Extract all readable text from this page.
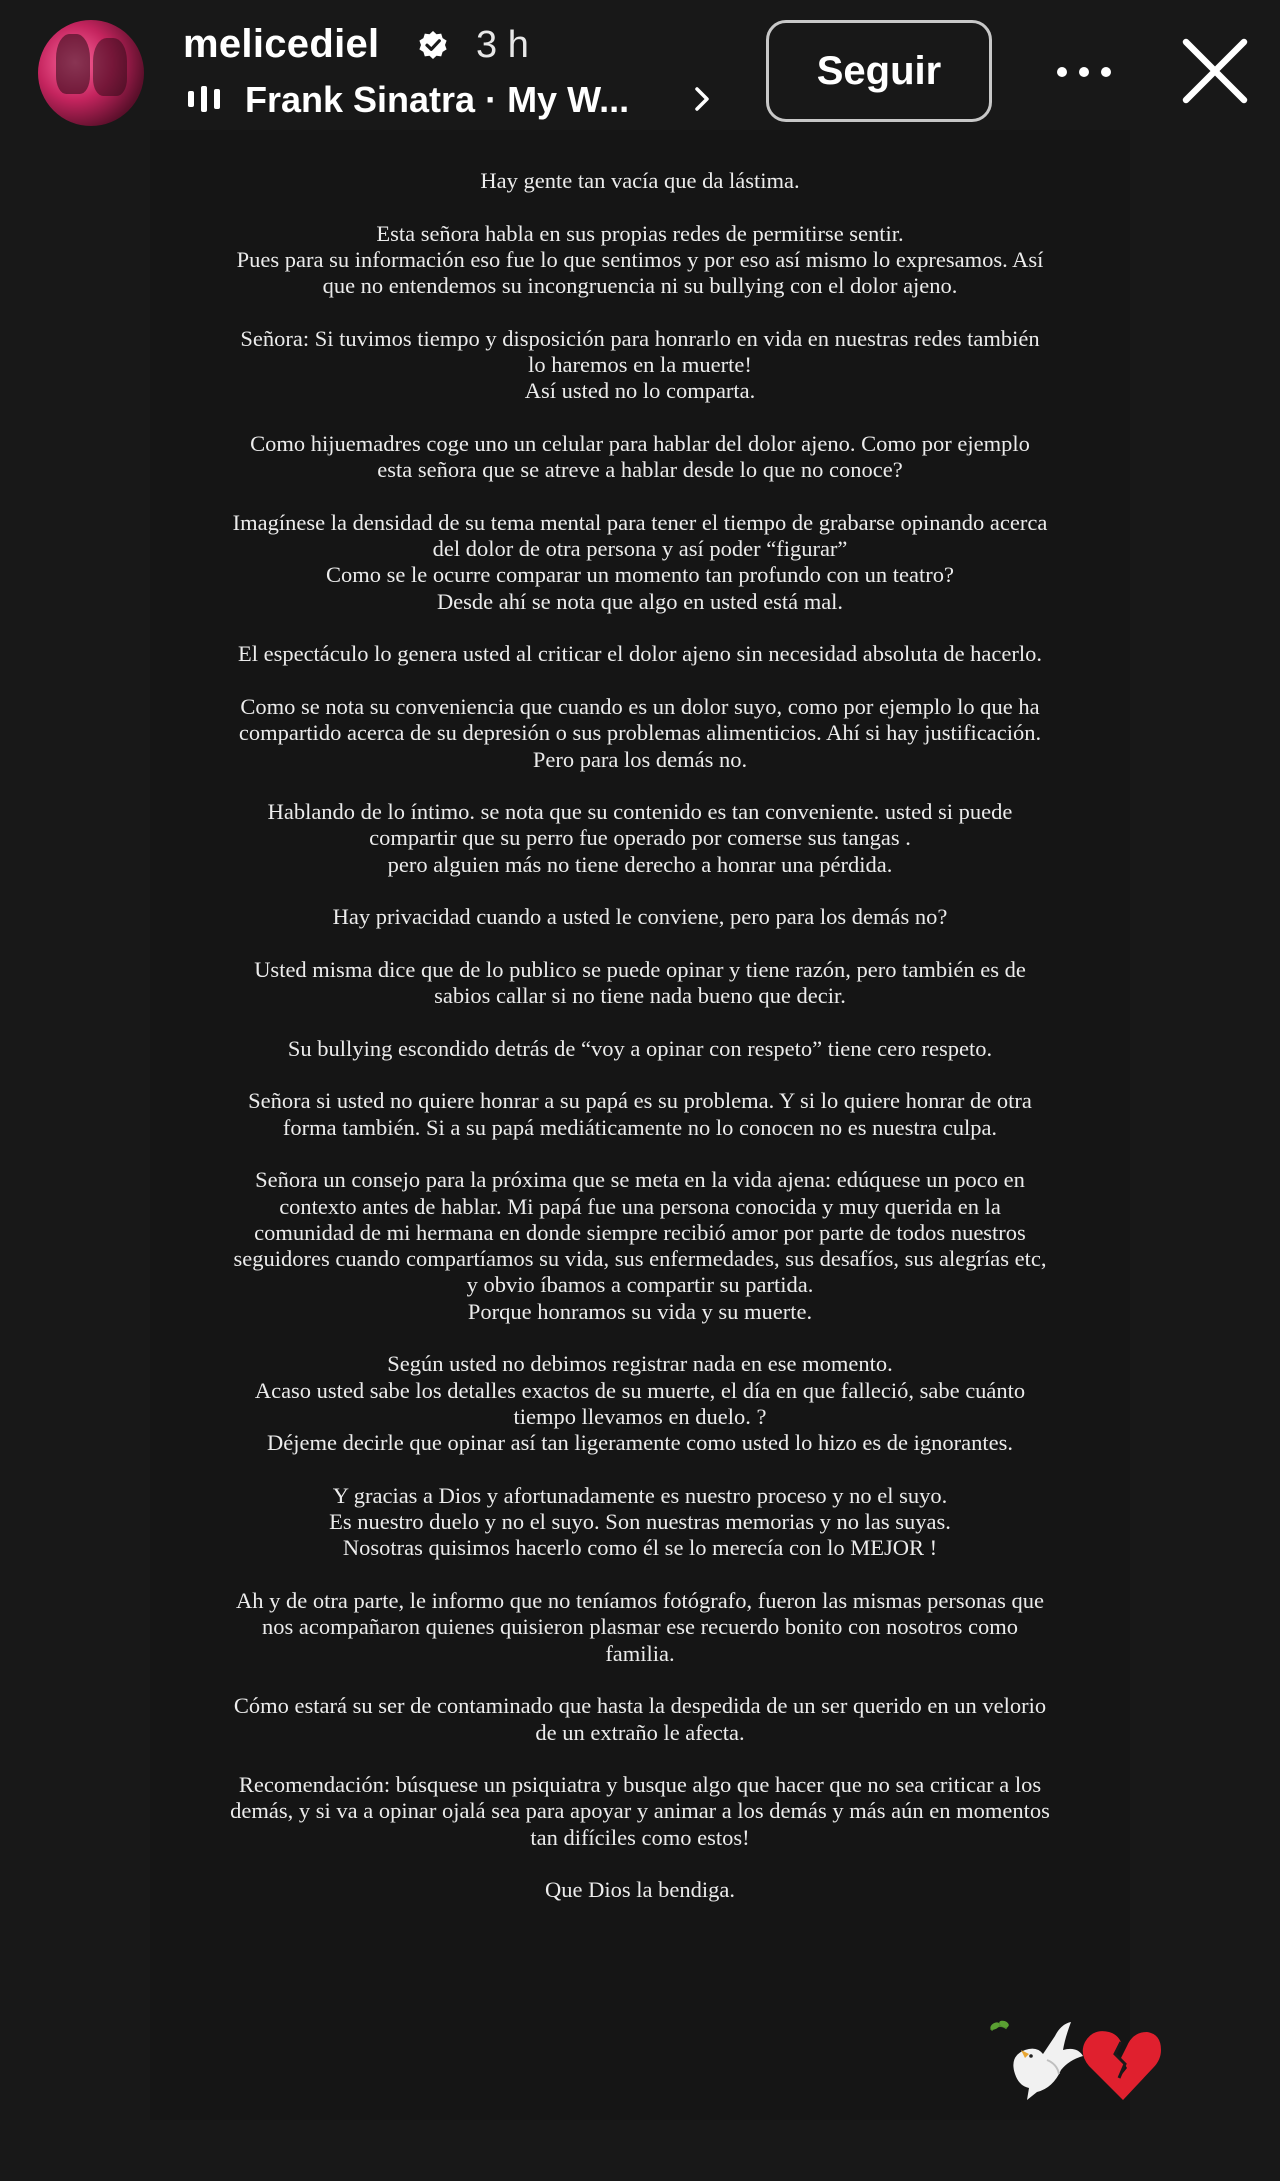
melicediel	3 h
Frank Sinatra · My W...
Seguir

Hay gente tan vacía que da lástima.

Esta señora habla en sus propias redes de permitirse sentir.
Pues para su información eso fue lo que sentimos y por eso así mismo lo expresamos. Así que no entendemos su incongruencia ni su bullying con el dolor ajeno.

Señora: Si tuvimos tiempo y disposición para honrarlo en vida en nuestras redes también lo haremos en la muerte!
Así usted no lo comparta.

Como hijuemadres coge uno un celular para hablar del dolor ajeno. Como por ejemplo esta señora que se atreve a hablar desde lo que no conoce?

Imagínese la densidad de su tema mental para tener el tiempo de grabarse opinando acerca del dolor de otra persona y así poder “figurar”
Como se le ocurre comparar un momento tan profundo con un teatro?
Desde ahí se nota que algo en usted está mal.

El espectáculo lo genera usted al criticar el dolor ajeno sin necesidad absoluta de hacerlo.

Como se nota su conveniencia que cuando es un dolor suyo, como por ejemplo lo que ha compartido acerca de su depresión o sus problemas alimenticios. Ahí si hay justificación. Pero para los demás no.

Hablando de lo íntimo. se nota que su contenido es tan conveniente. usted si puede compartir que su perro fue operado por comerse sus tangas .
pero alguien más no tiene derecho a honrar una pérdida.

Hay privacidad cuando a usted le conviene, pero para los demás no?

Usted misma dice que de lo publico se puede opinar y tiene razón, pero también es de sabios callar si no tiene nada bueno que decir.

Su bullying escondido detrás de “voy a opinar con respeto” tiene cero respeto.

Señora si usted no quiere honrar a su papá es su problema. Y si lo quiere honrar de otra forma también. Si a su papá mediáticamente no lo conocen no es nuestra culpa.

Señora un consejo para la próxima que se meta en la vida ajena: edúquese un poco en contexto antes de hablar. Mi papá fue una persona conocida y muy querida en la comunidad de mi hermana en donde siempre recibió amor por parte de todos nuestros seguidores cuando compartíamos su vida, sus enfermedades, sus desafíos, sus alegrías etc, y obvio íbamos a compartir su partida.
Porque honramos su vida y su muerte.

Según usted no debimos registrar nada en ese momento.
Acaso usted sabe los detalles exactos de su muerte, el día en que falleció, sabe cuánto tiempo llevamos en duelo. ?
Déjeme decirle que opinar así tan ligeramente como usted lo hizo es de ignorantes.

Y gracias a Dios y afortunadamente es nuestro proceso y no el suyo.
Es nuestro duelo y no el suyo. Son nuestras memorias y no las suyas.
Nosotras quisimos hacerlo como él se lo merecía con lo MEJOR !

Ah y de otra parte, le informo que no teníamos fotógrafo, fueron las mismas personas que nos acompañaron quienes quisieron plasmar ese recuerdo bonito con nosotros como familia.

Cómo estará su ser de contaminado que hasta la despedida de un ser querido en un velorio de un extraño le afecta.

Recomendación: búsquese un psiquiatra y busque algo que hacer que no sea criticar a los demás, y si va a opinar ojalá sea para apoyar y animar a los demás y más aún en momentos tan difíciles como estos!

Que Dios la bendiga.
